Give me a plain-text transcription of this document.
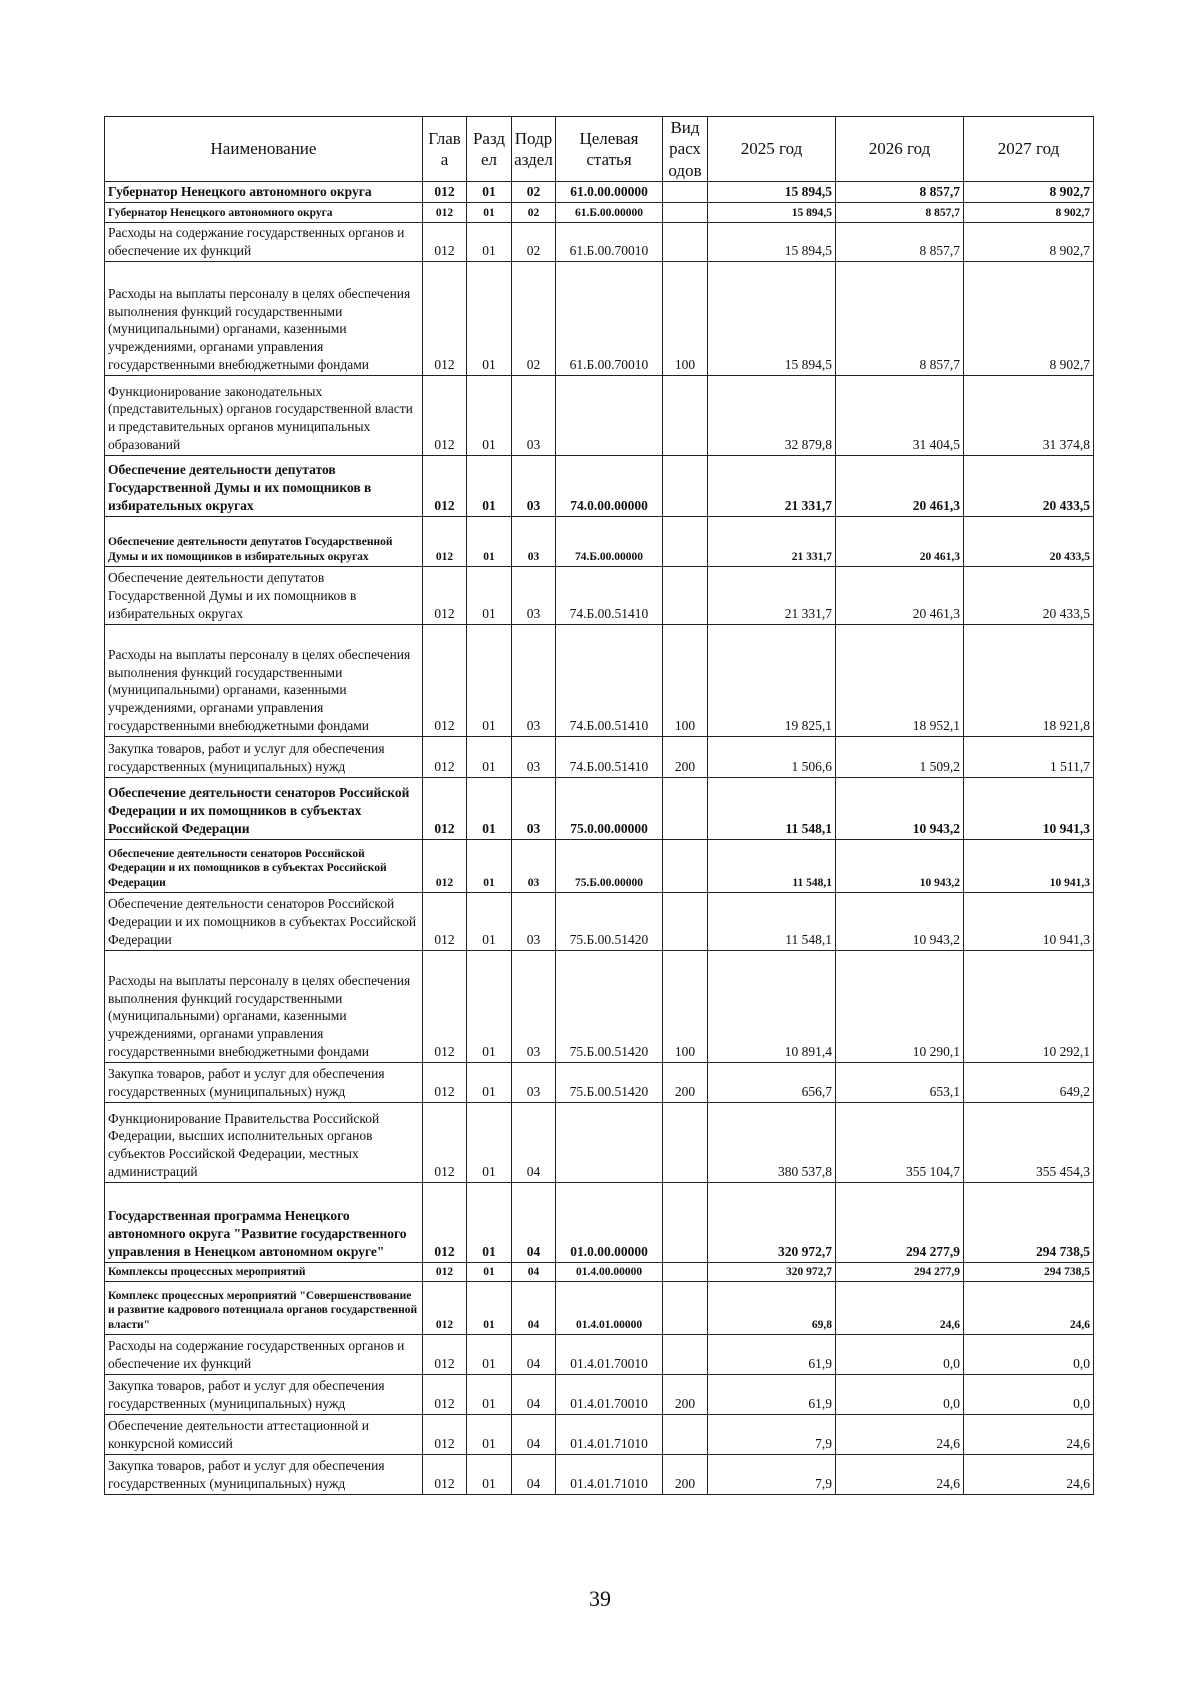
Наименование	Глав а	Разд ел	Подр аздел	Целевая статья	Вид расх одов	2025 год	2026 год	2027 год
Губернатор Ненецкого автономного округа	012	01	02	61.0.00.00000		15 894,5	8 857,7	8 902,7
Губернатор Ненецкого автономного округа	012	01	02	61.Б.00.00000		15 894,5	8 857,7	8 902,7
Расходы на содержание государственных органов и обеспечение их функций	012	01	02	61.Б.00.70010		15 894,5	8 857,7	8 902,7
Расходы на выплаты персоналу в целях обеспечения выполнения функций государственными (муниципальными) органами, казенными учреждениями, органами управления государственными внебюджетными фондами	012	01	02	61.Б.00.70010	100	15 894,5	8 857,7	8 902,7
Функционирование законодательных (представительных) органов государственной власти и представительных органов муниципальных образований	012	01	03			32 879,8	31 404,5	31 374,8
Обеспечение деятельности депутатов Государственной Думы и их помощников в избирательных округах	012	01	03	74.0.00.00000		21 331,7	20 461,3	20 433,5
Обеспечение деятельности депутатов Государственной Думы и их помощников в избирательных округах	012	01	03	74.Б.00.00000		21 331,7	20 461,3	20 433,5
Обеспечение деятельности депутатов Государственной Думы и их помощников в избирательных округах	012	01	03	74.Б.00.51410		21 331,7	20 461,3	20 433,5
Расходы на выплаты персоналу в целях обеспечения выполнения функций государственными (муниципальными) органами, казенными учреждениями, органами управления государственными внебюджетными фондами	012	01	03	74.Б.00.51410	100	19 825,1	18 952,1	18 921,8
Закупка товаров, работ и услуг для обеспечения государственных (муниципальных) нужд	012	01	03	74.Б.00.51410	200	1 506,6	1 509,2	1 511,7
Обеспечение деятельности сенаторов Российской Федерации и их помощников в субъектах Российской Федерации	012	01	03	75.0.00.00000		11 548,1	10 943,2	10 941,3
Обеспечение деятельности сенаторов Российской Федерации и их помощников в субъектах Российской Федерации	012	01	03	75.Б.00.00000		11 548,1	10 943,2	10 941,3
Обеспечение деятельности сенаторов Российской Федерации и их помощников в субъектах Российской Федерации	012	01	03	75.Б.00.51420		11 548,1	10 943,2	10 941,3
Расходы на выплаты персоналу в целях обеспечения выполнения функций государственными (муниципальными) органами, казенными учреждениями, органами управления государственными внебюджетными фондами	012	01	03	75.Б.00.51420	100	10 891,4	10 290,1	10 292,1
Закупка товаров, работ и услуг для обеспечения государственных (муниципальных) нужд	012	01	03	75.Б.00.51420	200	656,7	653,1	649,2
Функционирование Правительства Российской Федерации, высших исполнительных органов субъектов Российской Федерации, местных администраций	012	01	04			380 537,8	355 104,7	355 454,3
Государственная программа Ненецкого автономного округа "Развитие государственного управления в Ненецком автономном округе"	012	01	04	01.0.00.00000		320 972,7	294 277,9	294 738,5
Комплексы процессных мероприятий	012	01	04	01.4.00.00000		320 972,7	294 277,9	294 738,5
Комплекс процессных мероприятий "Совершенствование и развитие кадрового потенциала органов государственной власти"	012	01	04	01.4.01.00000		69,8	24,6	24,6
Расходы на содержание государственных органов и обеспечение их функций	012	01	04	01.4.01.70010		61,9	0,0	0,0
Закупка товаров, работ и услуг для обеспечения государственных (муниципальных) нужд	012	01	04	01.4.01.70010	200	61,9	0,0	0,0
Обеспечение деятельности аттестационной и конкурсной комиссий	012	01	04	01.4.01.71010		7,9	24,6	24,6
Закупка товаров, работ и услуг для обеспечения государственных (муниципальных) нужд	012	01	04	01.4.01.71010	200	7,9	24,6	24,6
39
